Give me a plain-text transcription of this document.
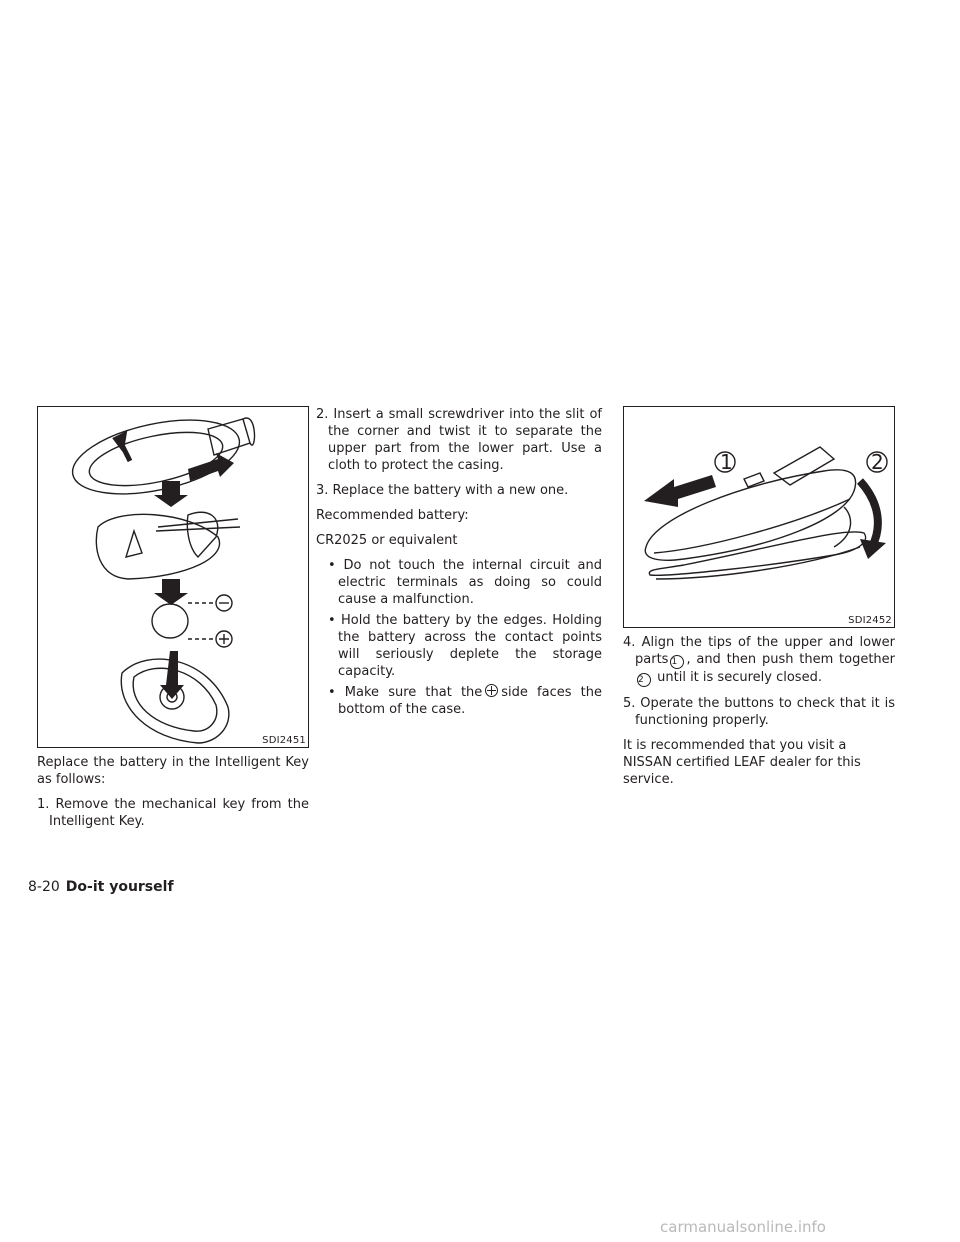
SDI2451

Replace the battery in the Intelligent Key as follows:

1. Remove the mechanical key from the Intelligent Key.
2. Insert a small screwdriver into the slit of the corner and twist it to separate the upper part from the lower part. Use a cloth to protect the casing.
3. Replace the battery with a new one.

Recommended battery:

CR2025 or equivalent

• Do not touch the internal circuit and electric terminals as doing so could cause a malfunction.
• Hold the battery by the edges. Holding the battery across the contact points will seriously deplete the storage capacity.
• Make sure that the side faces the bottom of the case.
1	2
SDI2452
4. Align the tips of the upper and lower parts 1 , and then push them together 2 until it is securely closed.
5. Operate the buttons to check that it is functioning properly.

It is recommended that you visit a NISSAN certified LEAF dealer for this service.

8-20 Do-it yourself
carmanualsonline.info
